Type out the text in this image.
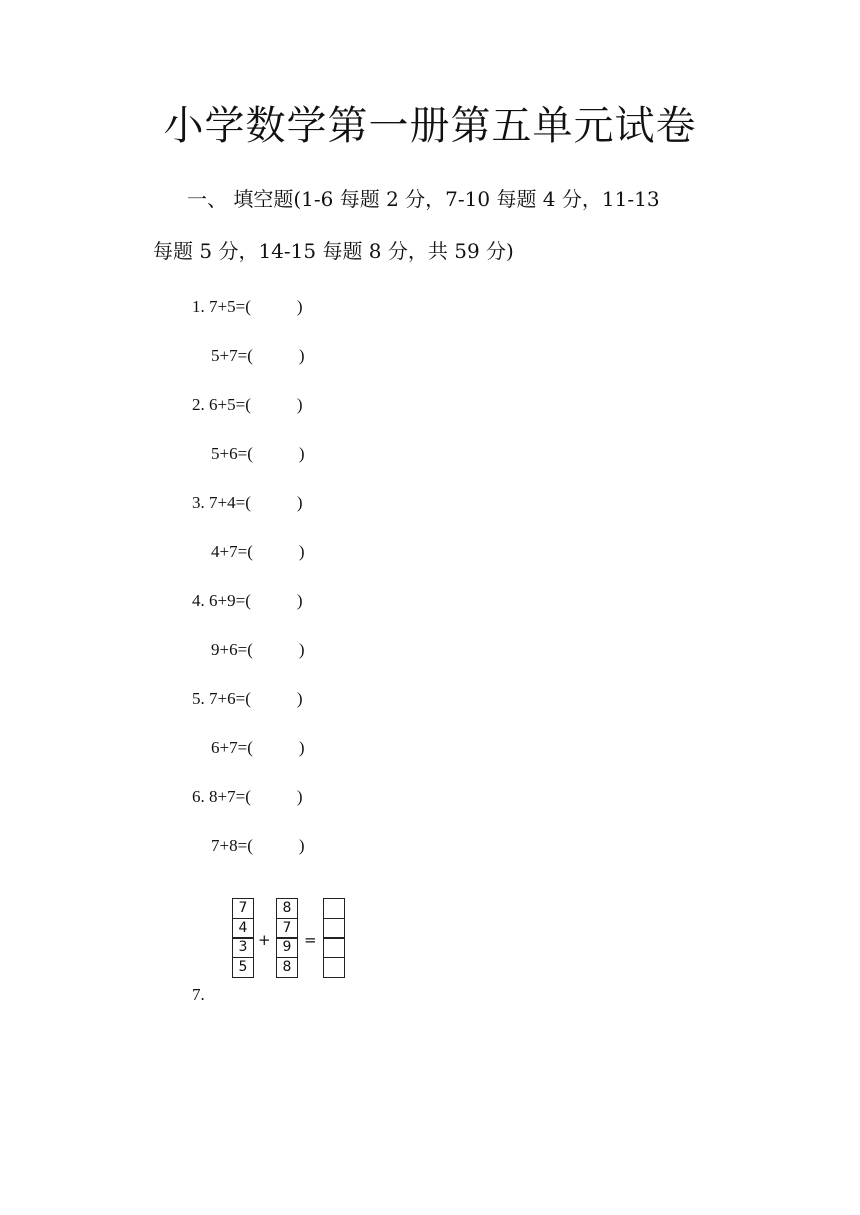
小学数学第一册第五单元试卷
一、 填空题(1-6 每题 2 分，7-10 每题 4 分，11-13
每题 5 分，14-15 每题 8 分，共 59 分)
1. 7+5=(	)
5+7=(	)
2. 6+5=(	)
5+6=(	)
3. 7+4=(	)
4+7=(	)
4. 6+9=(	)
9+6=(	)
5. 7+6=(	)
6+7=(	)
6. 8+7=(	)
7+8=(	)
7.
7
4
3
5
+
8
7
9
8
=
